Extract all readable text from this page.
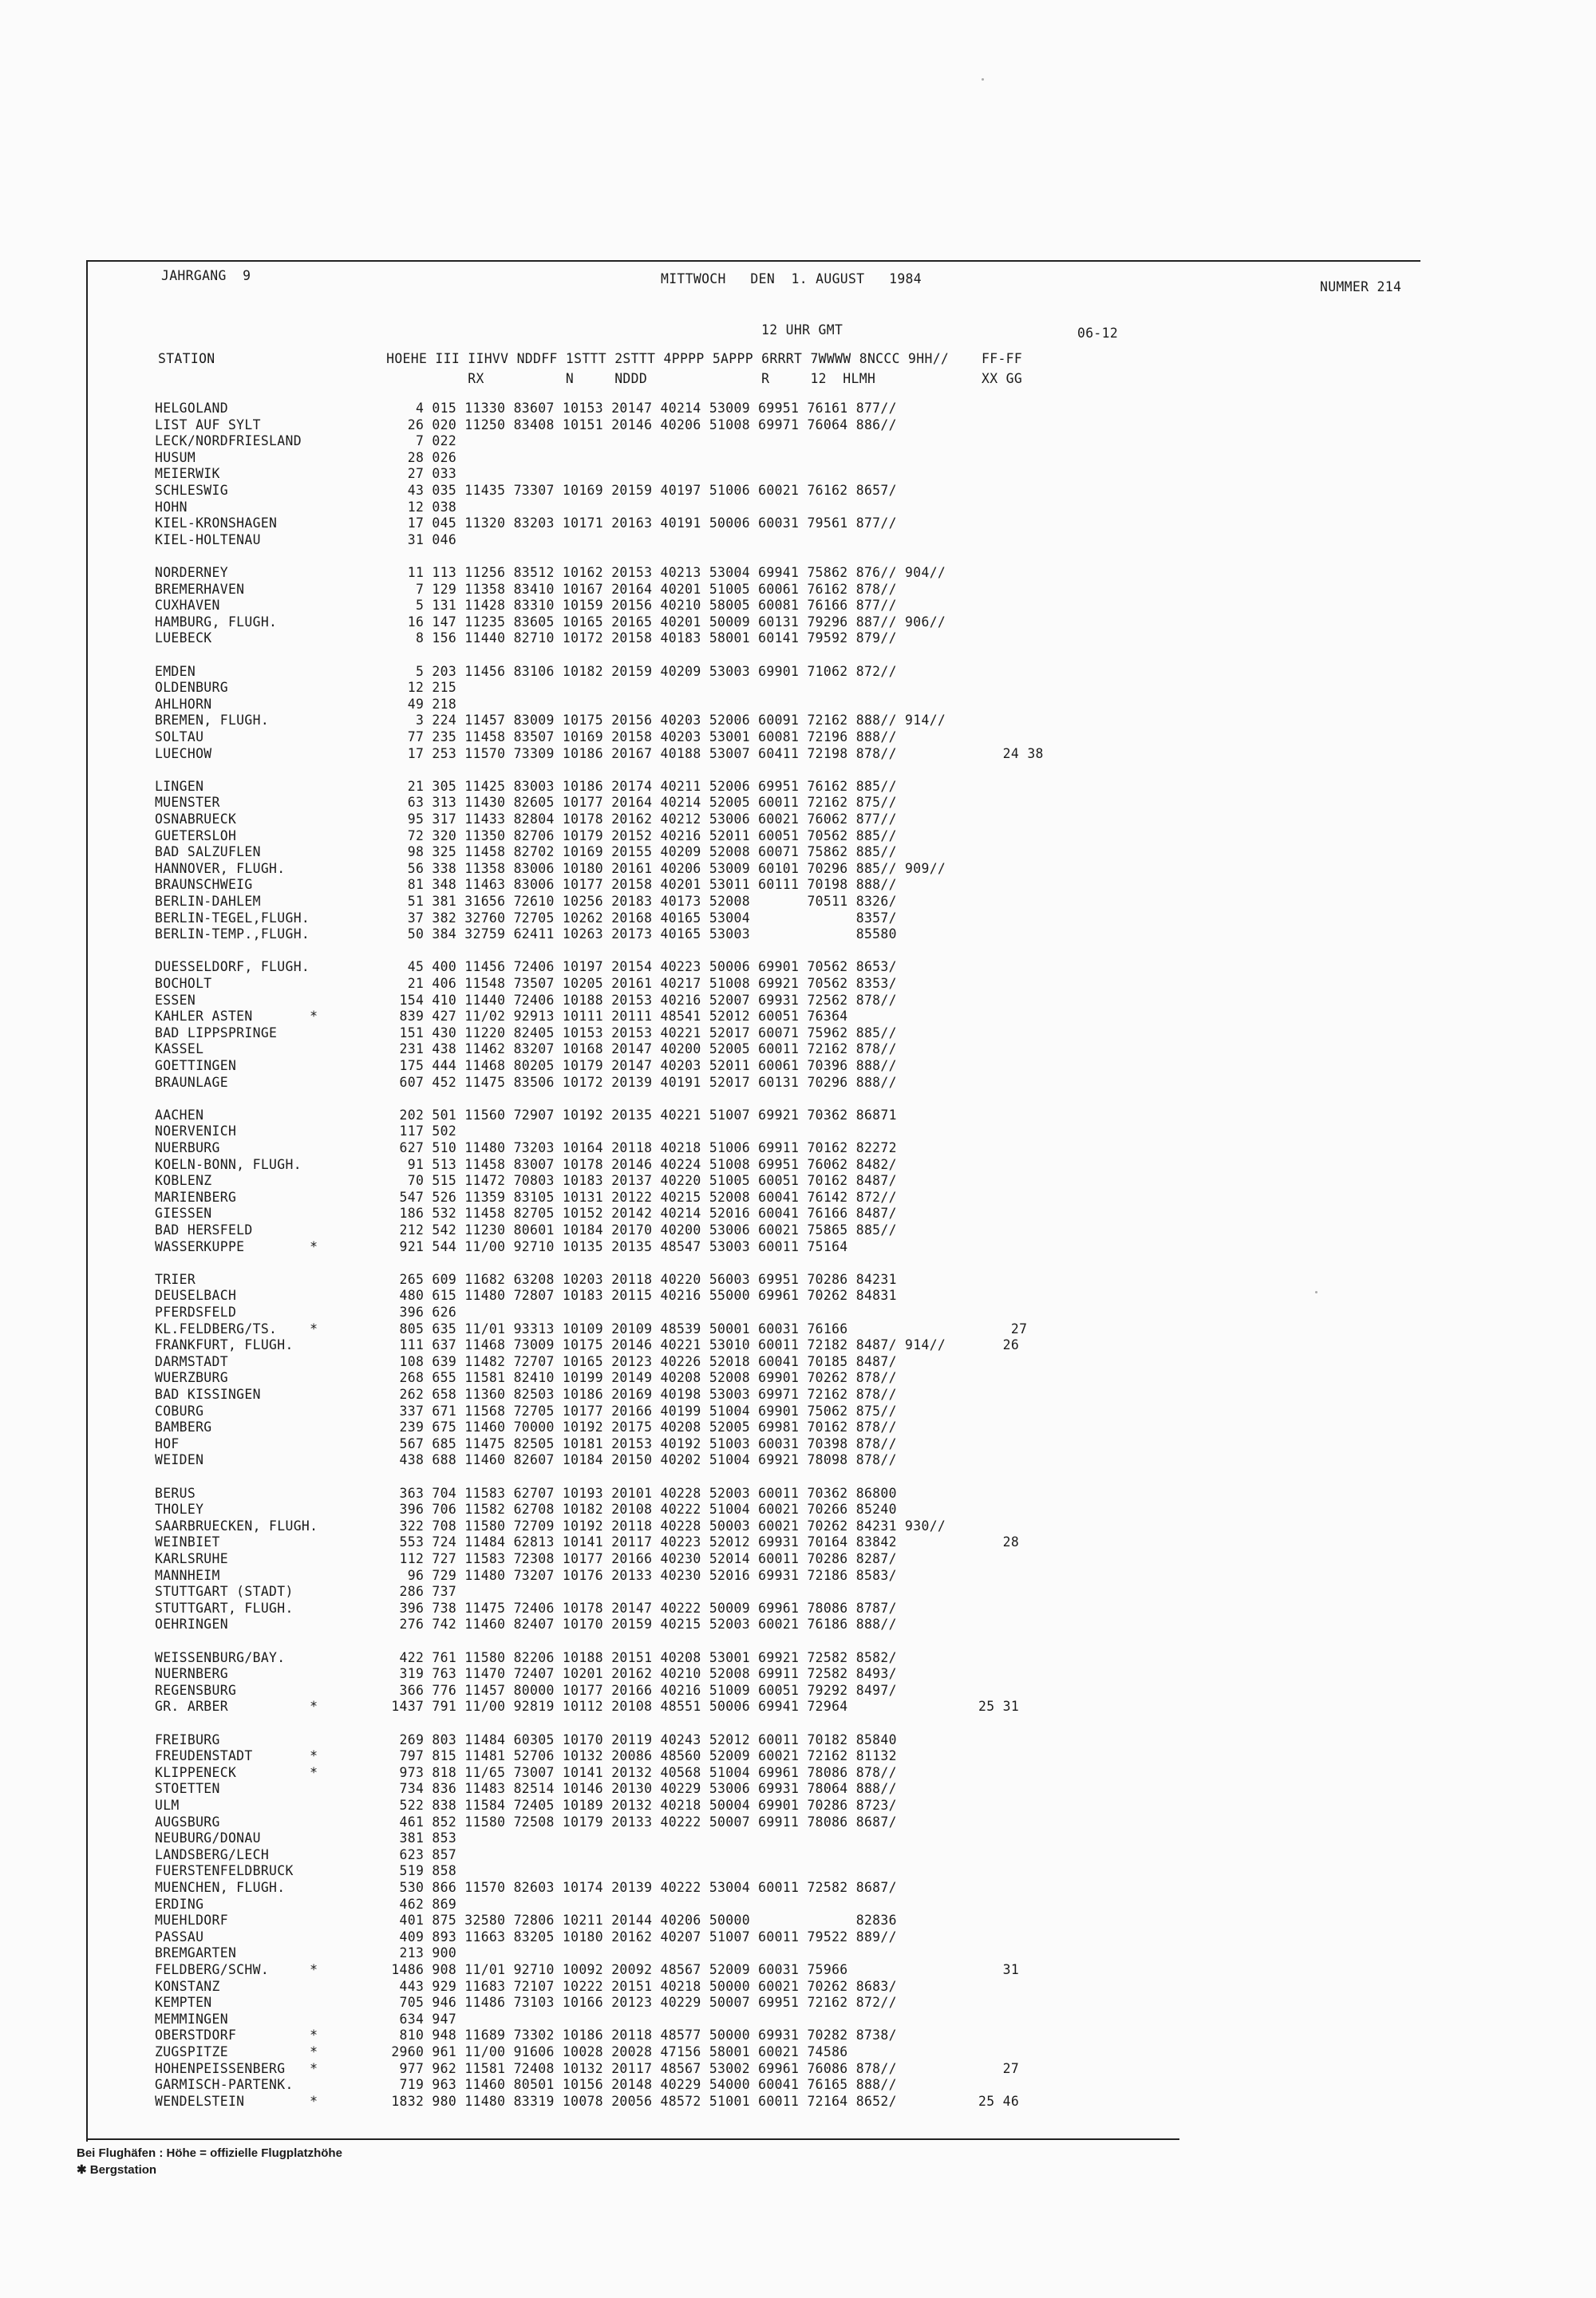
JAHRGANG  9	MITTWOCH   DEN  1. AUGUST   1984
NUMMER 214
12 UHR GMT	06-12
STATION                     HOEHE III IIHVV NDDFF 1STTT 2STTT 4PPPP 5APPP 6RRRT 7WWWW 8NCCC 9HH//    FF-FF
RX          N     NDDD              R     12  HLMH             XX GG
HELGOLAND                       4 015 11330 83607 10153 20147 40214 53009 69951 76161 877//
LIST AUF SYLT                  26 020 11250 83408 10151 20146 40206 51008 69971 76064 886//
LECK/NORDFRIESLAND              7 022
HUSUM                          28 026
MEIERWIK                       27 033
SCHLESWIG                      43 035 11435 73307 10169 20159 40197 51006 60021 76162 8657/
HOHN                           12 038
KIEL-KRONSHAGEN                17 045 11320 83203 10171 20163 40191 50006 60031 79561 877//
KIEL-HOLTENAU                  31 046
NORDERNEY                      11 113 11256 83512 10162 20153 40213 53004 69941 75862 876// 904//
BREMERHAVEN                     7 129 11358 83410 10167 20164 40201 51005 60061 76162 878//
CUXHAVEN                        5 131 11428 83310 10159 20156 40210 58005 60081 76166 877//
HAMBURG, FLUGH.                16 147 11235 83605 10165 20165 40201 50009 60131 79296 887// 906//
LUEBECK                         8 156 11440 82710 10172 20158 40183 58001 60141 79592 879//
EMDEN                           5 203 11456 83106 10182 20159 40209 53003 69901 71062 872//
OLDENBURG                      12 215
AHLHORN                        49 218
BREMEN, FLUGH.                  3 224 11457 83009 10175 20156 40203 52006 60091 72162 888// 914//
SOLTAU                         77 235 11458 83507 10169 20158 40203 53001 60081 72196 888//
LUECHOW                        17 253 11570 73309 10186 20167 40188 53007 60411 72198 878//             24 38
LINGEN                         21 305 11425 83003 10186 20174 40211 52006 69951 76162 885//
MUENSTER                       63 313 11430 82605 10177 20164 40214 52005 60011 72162 875//
OSNABRUECK                     95 317 11433 82804 10178 20162 40212 53006 60021 76062 877//
GUETERSLOH                     72 320 11350 82706 10179 20152 40216 52011 60051 70562 885//
BAD SALZUFLEN                  98 325 11458 82702 10169 20155 40209 52008 60071 75862 885//
HANNOVER, FLUGH.               56 338 11358 83006 10180 20161 40206 53009 60101 70296 885// 909//
BRAUNSCHWEIG                   81 348 11463 83006 10177 20158 40201 53011 60111 70198 888//
BERLIN-DAHLEM                  51 381 31656 72610 10256 20183 40173 52008       70511 8326/
BERLIN-TEGEL,FLUGH.            37 382 32760 72705 10262 20168 40165 53004             8357/
BERLIN-TEMP.,FLUGH.            50 384 32759 62411 10263 20173 40165 53003             85580
DUESSELDORF, FLUGH.            45 400 11456 72406 10197 20154 40223 50006 69901 70562 8653/
BOCHOLT                        21 406 11548 73507 10205 20161 40217 51008 69921 70562 8353/
ESSEN                         154 410 11440 72406 10188 20153 40216 52007 69931 72562 878//
KAHLER ASTEN       *          839 427 11/02 92913 10111 20111 48541 52012 60051 76364
BAD LIPPSPRINGE               151 430 11220 82405 10153 20153 40221 52017 60071 75962 885//
KASSEL                        231 438 11462 83207 10168 20147 40200 52005 60011 72162 878//
GOETTINGEN                    175 444 11468 80205 10179 20147 40203 52011 60061 70396 888//
BRAUNLAGE                     607 452 11475 83506 10172 20139 40191 52017 60131 70296 888//
AACHEN                        202 501 11560 72907 10192 20135 40221 51007 69921 70362 86871
NOERVENICH                    117 502
NUERBURG                      627 510 11480 73203 10164 20118 40218 51006 69911 70162 82272
KOELN-BONN, FLUGH.             91 513 11458 83007 10178 20146 40224 51008 69951 76062 8482/
KOBLENZ                        70 515 11472 70803 10183 20137 40220 51005 60051 70162 8487/
MARIENBERG                    547 526 11359 83105 10131 20122 40215 52008 60041 76142 872//
GIESSEN                       186 532 11458 82705 10152 20142 40214 52016 60041 76166 8487/
BAD HERSFELD                  212 542 11230 80601 10184 20170 40200 53006 60021 75865 885//
WASSERKUPPE        *          921 544 11/00 92710 10135 20135 48547 53003 60011 75164
TRIER                         265 609 11682 63208 10203 20118 40220 56003 69951 70286 84231
DEUSELBACH                    480 615 11480 72807 10183 20115 40216 55000 69961 70262 84831
PFERDSFELD                    396 626
KL.FELDBERG/TS.    *          805 635 11/01 93313 10109 20109 48539 50001 60031 76166                    27
FRANKFURT, FLUGH.             111 637 11468 73009 10175 20146 40221 53010 60011 72182 8487/ 914//       26
DARMSTADT                     108 639 11482 72707 10165 20123 40226 52018 60041 70185 8487/
WUERZBURG                     268 655 11581 82410 10199 20149 40208 52008 69901 70262 878//
BAD KISSINGEN                 262 658 11360 82503 10186 20169 40198 53003 69971 72162 878//
COBURG                        337 671 11568 72705 10177 20166 40199 51004 69901 75062 875//
BAMBERG                       239 675 11460 70000 10192 20175 40208 52005 69981 70162 878//
HOF                           567 685 11475 82505 10181 20153 40192 51003 60031 70398 878//
WEIDEN                        438 688 11460 82607 10184 20150 40202 51004 69921 78098 878//
BERUS                         363 704 11583 62707 10193 20101 40228 52003 60011 70362 86800
THOLEY                        396 706 11582 62708 10182 20108 40222 51004 60021 70266 85240
SAARBRUECKEN, FLUGH.          322 708 11580 72709 10192 20118 40228 50003 60021 70262 84231 930//
WEINBIET                      553 724 11484 62813 10141 20117 40223 52012 69931 70164 83842             28
KARLSRUHE                     112 727 11583 72308 10177 20166 40230 52014 60011 70286 8287/
MANNHEIM                       96 729 11480 73207 10176 20133 40230 52016 69931 72186 8583/
STUTTGART (STADT)             286 737
STUTTGART, FLUGH.             396 738 11475 72406 10178 20147 40222 50009 69961 78086 8787/
OEHRINGEN                     276 742 11460 82407 10170 20159 40215 52003 60021 76186 888//
WEISSENBURG/BAY.              422 761 11580 82206 10188 20151 40208 53001 69921 72582 8582/
NUERNBERG                     319 763 11470 72407 10201 20162 40210 52008 69911 72582 8493/
REGENSBURG                    366 776 11457 80000 10177 20166 40216 51009 60051 79292 8497/
GR. ARBER          *         1437 791 11/00 92819 10112 20108 48551 50006 69941 72964                25 31
FREIBURG                      269 803 11484 60305 10170 20119 40243 52012 60011 70182 85840
FREUDENSTADT       *          797 815 11481 52706 10132 20086 48560 52009 60021 72162 81132
KLIPPENECK         *          973 818 11/65 73007 10141 20132 40568 51004 69961 78086 878//
STOETTEN                      734 836 11483 82514 10146 20130 40229 53006 69931 78064 888//
ULM                           522 838 11584 72405 10189 20132 40218 50004 69901 70286 8723/
AUGSBURG                      461 852 11580 72508 10179 20133 40222 50007 69911 78086 8687/
NEUBURG/DONAU                 381 853
LANDSBERG/LECH                623 857
FUERSTENFELDBRUCK             519 858
MUENCHEN, FLUGH.              530 866 11570 82603 10174 20139 40222 53004 60011 72582 8687/
ERDING                        462 869
MUEHLDORF                     401 875 32580 72806 10211 20144 40206 50000             82836
PASSAU                        409 893 11663 83205 10180 20162 40207 51007 60011 79522 889//
BREMGARTEN                    213 900
FELDBERG/SCHW.     *         1486 908 11/01 92710 10092 20092 48567 52009 60031 75966                   31
KONSTANZ                      443 929 11683 72107 10222 20151 40218 50000 60021 70262 8683/
KEMPTEN                       705 946 11486 73103 10166 20123 40229 50007 69951 72162 872//
MEMMINGEN                     634 947
OBERSTDORF         *          810 948 11689 73302 10186 20118 48577 50000 69931 70282 8738/
ZUGSPITZE          *         2960 961 11/00 91606 10028 20028 47156 58001 60021 74586
HOHENPEISSENBERG   *          977 962 11581 72408 10132 20117 48567 53002 69961 76086 878//             27
GARMISCH-PARTENK.             719 963 11460 80501 10156 20148 40229 54000 60041 76165 888//
WENDELSTEIN        *         1832 980 11480 83319 10078 20056 48572 51001 60011 72164 8652/          25 46
Bei Flughäfen : Höhe = offizielle Flugplatzhöhe
✱ Bergstation
